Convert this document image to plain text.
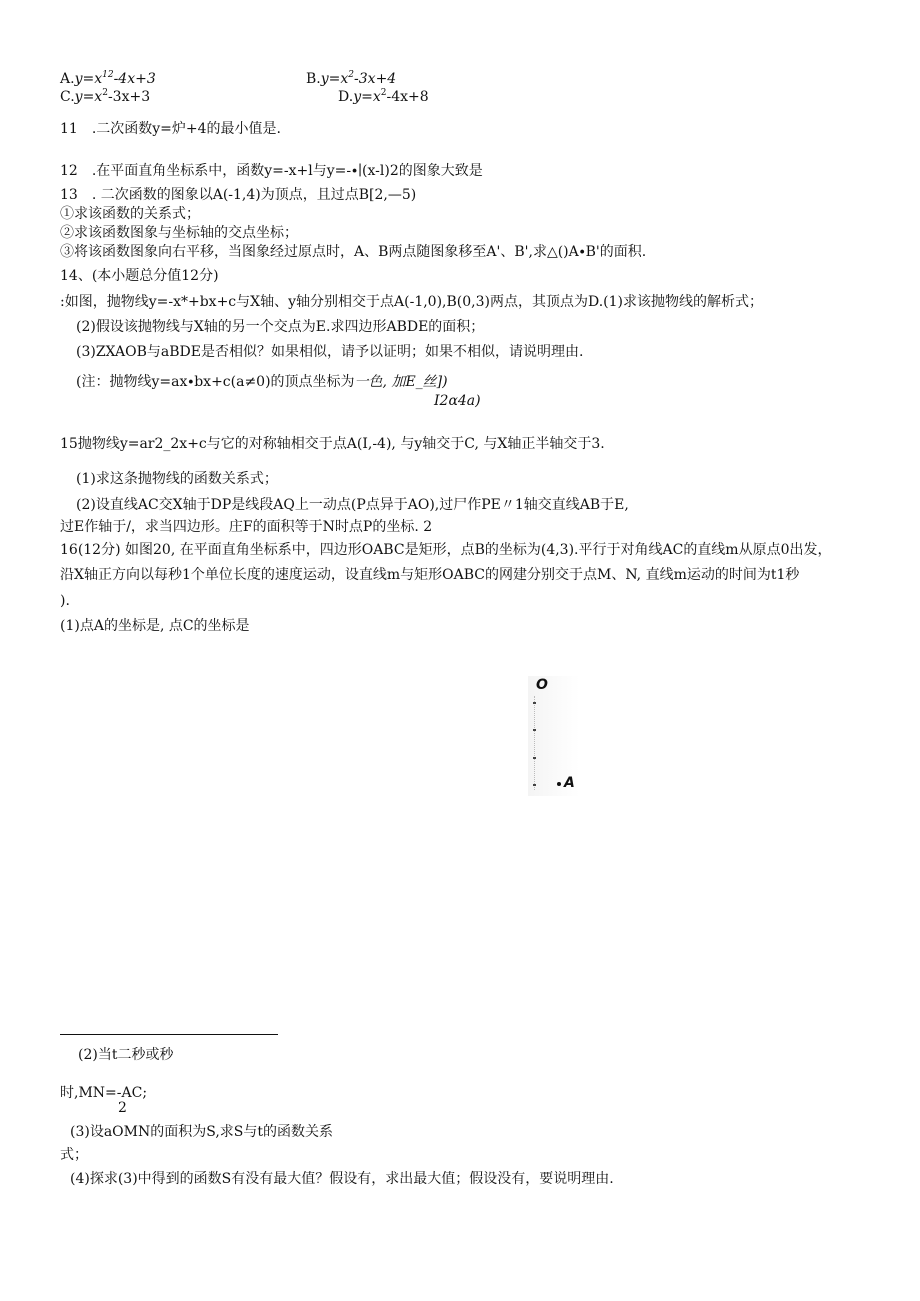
$A.y=x^{12}-4x+3$	$B.y=x^2-3x+4$
$C.y=x^2-3x+3$	$D.y=x^2-4x+8$
11　.二次函数y=炉+4的最小值是.
12　.在平面直角坐标系中，函数y=-x+l与y=-∙∣(x-l)2的图象大致是
13　. 二次函数的图象以A(-1,4)为顶点，且过点B[2,—5)
①求该函数的关系式；
②求该函数图象与坐标轴的交点坐标；
③将该函数图象向右平移，当图象经过原点时，A、B两点随图象移至A'、B',求△()A∙B'的面积.
14、(本小题总分值12分)
:如图，抛物线y=-x*+bx+c与X轴、y轴分别相交于点A(-1,0),B(0,3)两点，其顶点为D.(1)求该抛物线的解析式；
(2)假设该抛物线与X轴的另一个交点为E.求四边形ABDE的面积；
(3)ZXAOB与aBDE是否相似？如果相似，请予以证明；如果不相似，请说明理由.
(注：抛物线y=ax∙bx+c(a≠0)的顶点坐标为一色, 加E_丝])
I2α4a)
15抛物线y=ar2_2x+c与它的对称轴相交于点A(I,-4), 与y轴交于C, 与X轴正半轴交于3.
(1)求这条抛物线的函数关系式；
(2)设直线AC交X轴于DP是线段AQ上一动点(P点异于AO),过尸作PE〃1轴交直线AB于E,
过E作轴于/，求当四边形。庄F的面积等于N时点P的坐标. 2
16(12分) 如图20, 在平面直角坐标系中，四边形OABC是矩形，点B的坐标为(4,3).平行于对角线AC的直线m从原点0出发，
沿X轴正方向以每秒1个单位长度的速度运动，设直线m与矩形OABC的网建分别交于点M、N, 直线m运动的时间为t1秒
).
(1)点A的坐标是, 点C的坐标是
O
A
(2)当t二秒或秒
时,MN=-AC;
2
(3)设aOMN的面积为S,求S与t的函数关系
式；
(4)探求(3)中得到的函数S有没有最大值？假设有，求出最大值；假设没有，要说明理由.
